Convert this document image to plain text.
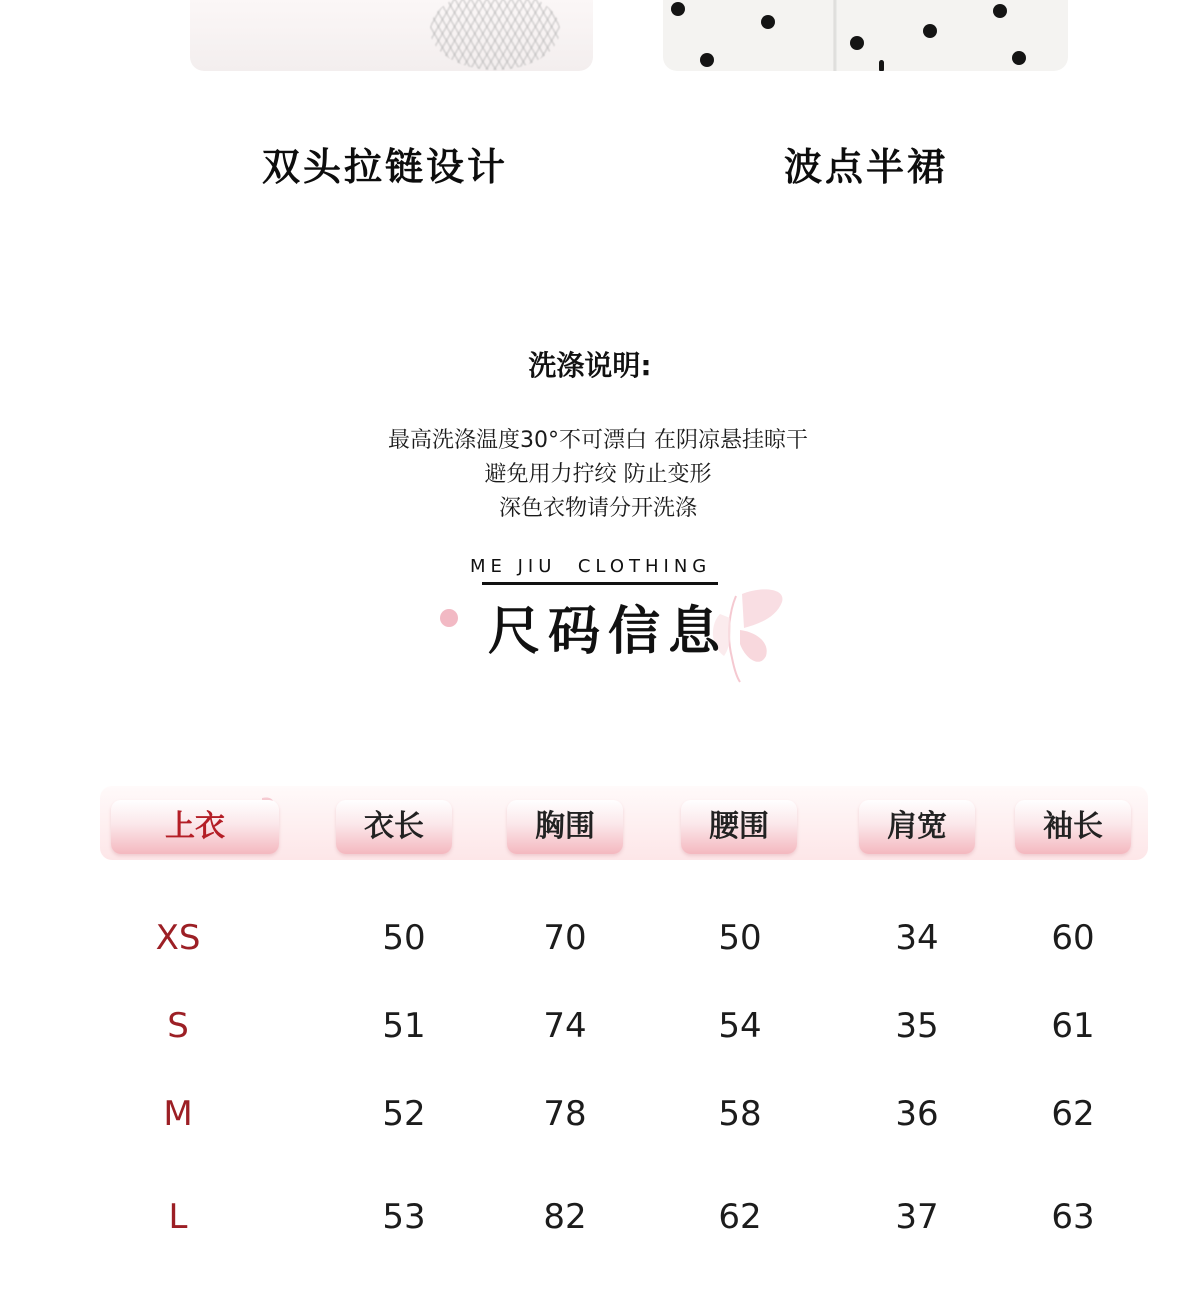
双头拉链设计	波点半裙
洗涤说明:
最高洗涤温度30°不可漂白 在阴凉悬挂晾干
避免用力拧绞 防止变形
深色衣物请分开洗涤
ME JIU  CLOTHING
尺码信息
上衣	衣长	胸围	腰围	肩宽	袖长
XS	50	70	50	34	60
S	51	74	54	35	61
M	52	78	58	36	62
L	53	82	62	37	63
